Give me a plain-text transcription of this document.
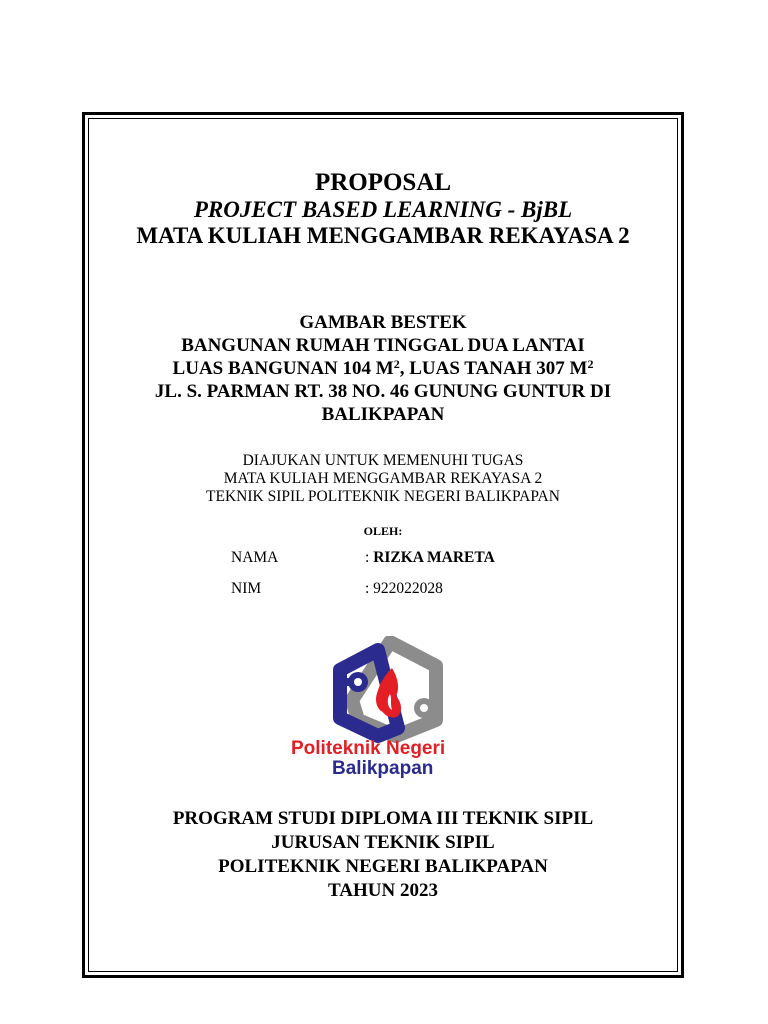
PROPOSAL
PROJECT BASED LEARNING - BjBL
MATA KULIAH MENGGAMBAR REKAYASA 2
GAMBAR BESTEK
BANGUNAN RUMAH TINGGAL DUA LANTAI
LUAS BANGUNAN 104 $M^2$, LUAS TANAH 307 $M^2$
JL. S. PARMAN RT. 38 NO. 46 GUNUNG GUNTUR DI
BALIKPAPAN
DIAJUKAN UNTUK MEMENUHI TUGAS
MATA KULIAH MENGGAMBAR REKAYASA 2
TEKNIK SIPIL POLITEKNIK NEGERI BALIKPAPAN
OLEH:
NAMA	: RIZKA MARETA
NIM	: 922022028
Politeknik Negeri
Balikpapan
PROGRAM STUDI DIPLOMA III TEKNIK SIPIL
JURUSAN TEKNIK SIPIL
POLITEKNIK NEGERI BALIKPAPAN
TAHUN 2023
